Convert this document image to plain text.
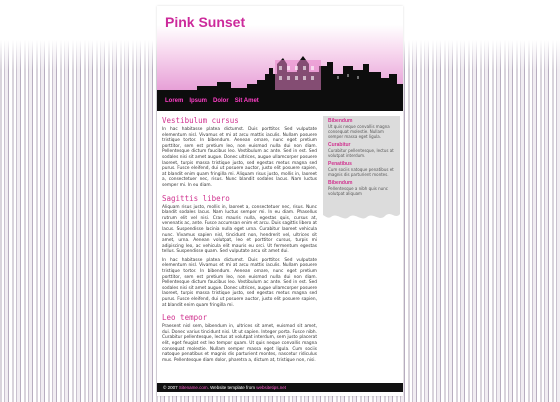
Pink Sunset
Lorem Ipsum Dolor Sit Amet

Vestibulum cursus

In hac habitasse platea dictumst. Duis porttitor. Sed vulputate elementum nisl. Vivamus et mi at arcu mattis iaculis. Nullam posuere tristique tortor. In bibendum. Aenean ornare, nunc eget pretium porttitor, sem est pretium leo, non euismod nulla dui non diam. Pellentesque dictum faucibus leo. Vestibulum ac ante. Sed in est. Sed sodales nisi sit amet augue. Donec ultrices, augue ullamcorper posuere laoreet, turpis massa tristique justo, sed egestas metus magna sed purus. Fusce eleifend, dui ut posuere auctor, justo elit posuere sapien, at blandit enim quam fringilla mi. Aliquam risus justo, mollis in, laoreet a, consectetuer nec, risus. Nunc blandit sodales lacus. Nam luctus semper mi. In eu diam.

Sagittis libero

Aliquam risus justo, mollis in, laoreet a, consectetuer nec, risus. Nunc blandit sodales lacus. Nam luctus semper mi. In eu diam. Phasellus rutrum elit vel nisi. Cras mauris nulla, egestas quis, cursus at, venenatis ac, ante. Fusce accumsan enim et arcu. Duis sagittis libero at lacus. Suspendisse lacinia nulla eget urna. Curabitur laoreet vehicula nunc. Vivamus sapien nisl, tincidunt non, hendrerit vel, ultrices sit amet, urna. Aenean volutpat, leo et porttitor cursus, turpis mi adipiscing leo, ac vehicula elit mauris eu orci. Ut fermentum egestas tellus. Suspendisse quam. Sed vulputate arcu sit amet dui.

In hac habitasse platea dictumst. Duis porttitor. Sed vulputate elementum nisl. Vivamus et mi at arcu mattis iaculis. Nullam posuere tristique tortor. In bibendum. Aenean ornare, nunc eget pretium porttitor, sem est pretium leo, non euismod nulla dui non diam. Pellentesque dictum faucibus leo. Vestibulum ac ante. Sed in est. Sed sodales nisi sit amet augue. Donec ultrices, augue ullamcorper posuere laoreet, turpis massa tristique justo, sed egestas metus magna sed purus. Fusce eleifend, dui ut posuere auctor, justo elit posuere sapien, at blandit enim quam fringilla mi.

Leo tempor

Praesent nisl sem, bibendum in, ultrices sit amet, euismod sit amet, dui. Donec varius tincidunt nisi. Ut ut sapien. Integer porta. Fusce nibh. Curabitur pellentesque, lectus at volutpat interdum, sem justo placerat elit, eget feugiat est leo tempor quam. Ut quis neque convallis magna consequat molestie. Nullam semper massa eget ligula. Cum sociis natoque penatibus et magnis dis parturient montes, nascetur ridiculus mus. Pellentesque diam dolor, pharetra a, dictum at, tristique non, nisi.

Bibendum

Ut quis neque convallis magna consequat molestie. Nullam semper massa eget ligula.

Curabitur

Curabitur pellentesque, lectus at volutpat interdum.

Penatibus

Cum sociis natoque penatibus et magnis dis parturient montes.

Bibendum

Pellentesque a nibh quis nunc volutpat aliquam

© 2007 Sitename.com. Website template from websitetips.net
